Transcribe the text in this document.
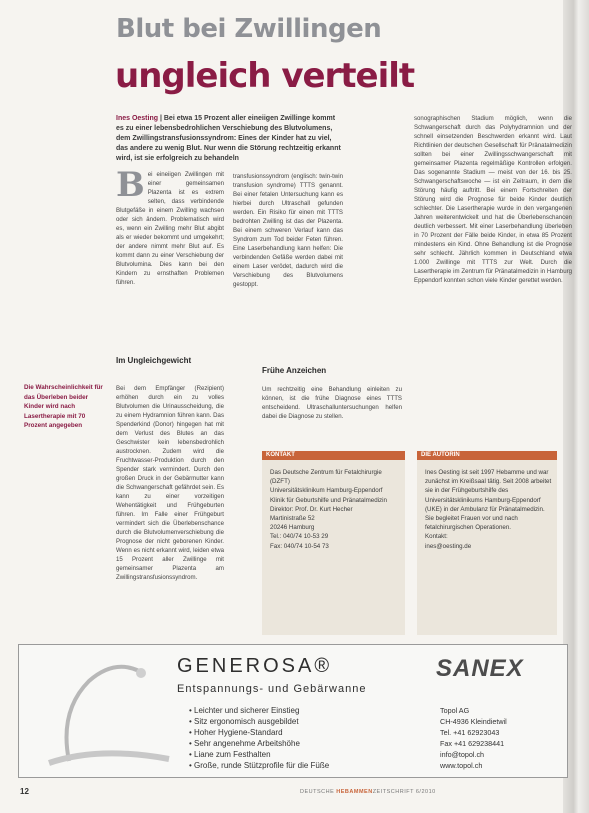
Blut bei Zwillingen
ungleich verteilt
Ines Oesting | Bei etwa 15 Prozent aller eineiigen Zwillinge kommt es zu einer lebensbedrohlichen Verschiebung des Blutvolumens, dem Zwillingstransfusionssyndrom: Eines der Kinder hat zu viel, das andere zu wenig Blut. Nur wenn die Störung rechtzeitig erkannt wird, ist sie erfolgreich zu behandeln
Bei eineiigen Zwillingen mit einer gemeinsamen Plazenta ist es extrem selten, dass verbindende Blutgefäße in einem Zwilling wachsen oder sich ändern. Problematisch wird es, wenn ein Zwilling mehr Blut abgibt als er wieder bekommt und umgekehrt; der andere nimmt mehr Blut auf. Es kommt dann zu einer Verschiebung der Blutvolumina. Dies kann bei den Kindern zu ernsthaften Problemen führen.
Im Ungleichgewicht
Bei dem Empfänger (Rezipient) erhöhen durch ein zu volles Blutvolumen die Urinausscheidung, die zu einem Hydramnion führen kann. Das Spenderkind (Donor) hingegen hat mit dem Verlust des Blutes an das Geschwister kein lebensbedrohlich austrocknen. Zudem wird die Fruchtwasser-Produktion durch den Spender stark vermindert. Durch den großen Druck in der Gebärmutter kann die Schwangerschaft gefährdet sein. Es kann zu einer vorzeitigen Wehentätigkeit und Frühgeburten führen. Im Falle einer Frühgeburt vermindert sich die Überlebenschance durch die Blutvolumenverschiebung die Prognose der nicht geborenen Kinder. Wenn es nicht erkannt wird, leiden etwa 15 Prozent aller Zwillinge mit gemeinsamer Plazenta am Zwillingstransfusionssyndrom.
transfusionssyndrom (englisch: twin-twin transfusion syndrome) TTTS genannt. Bei einer fetalen Untersuchung kann es hierbei durch Ultraschall gefunden werden. Ein Risiko für einen mit TTTS bedrohten Zwilling ist das der Plazenta. Bei einem schweren Verlauf kann das Syndrom zum Tod beider Feten führen. Eine Laserbehandlung kann helfen: Die verbindenden Gefäße werden dabei mit einem Laser verödet, dadurch wird die Verschiebung des Blutvolumens gestoppt.
Frühe Anzeichen
Um rechtzeitig eine Behandlung einleiten zu können, ist die frühe Diagnose eines TTTS entscheidend. Ultraschalluntersuchungen helfen dabei die Diagnose zu stellen.
sonographischen Stadium möglich, wenn die Schwangerschaft durch das Polyhydramnion und der schnell einsetzenden Beschwerden erkannt wird. Laut Richtlinien der deutschen Gesellschaft für Pränatalmedizin sollten bei einer Zwillingsschwangerschaft mit gemeinsamer Plazenta regelmäßige Kontrollen erfolgen. Das sogenannte Stadium — meist von der 16. bis 25. Schwangerschaftswoche — ist ein Zeitraum, in dem die Störung häufig auftritt. Bei einem Fortschreiten der Störung wird die Prognose für beide Kinder deutlich schlechter. Die Lasertherapie wurde in den vergangenen Jahren weiterentwickelt und hat die Überlebenschancen deutlich verbessert. Mit einer Laserbehandlung überleben in 70 Prozent der Fälle beide Kinder, in etwa 85 Prozent mindestens ein Kind. Ohne Behandlung ist die Prognose sehr schlecht. Jährlich kommen in Deutschland etwa 1.000 Zwillinge mit TTTS zur Welt. Durch die Lasertherapie im Zentrum für Pränatalmedizin in Hamburg Eppendorf konnten schon viele Kinder gerettet werden.
Die Wahrscheinlichkeit für das Überleben beider Kinder wird nach Lasertherapie mit 70 Prozent angegeben
KONTAKT
Das Deutsche Zentrum für Fetalchirurgie (DZFT)
Universitätsklinikum Hamburg-Eppendorf
Klinik für Geburtshilfe und Pränatalmedizin
Direktor: Prof. Dr. Kurt Hecher
Martinistraße 52
20246 Hamburg
Tel.: 040/74 10-53 29
Fax: 040/74 10-54 73
DIE AUTORIN
Ines Oesting ist seit 1997 Hebamme und war zunächst im Kreißsaal tätig. Seit 2008 arbeitet sie in der Frühgeburtshilfe des Universitätsklinikums Hamburg-Eppendorf (UKE) in der Ambulanz für Pränatalmedizin. Sie begleitet Frauen vor und nach fetalchirurgischen Operationen.
Kontakt:
ines@oesting.de
GENEROSA®
Entspannungs- und Gebärwanne
• Leichter und sicherer Einstieg
• Sitz ergonomisch ausgebildet
• Hoher Hygiene-Standard
• Sehr angenehme Arbeitshöhe
• Liane zum Festhalten
• Große, runde Stützprofile für die Füße
SANEX
Topol AG
CH-4936 Kleindietwil
Tel. +41 62923043
Fax +41 629238441
info@topol.ch
www.topol.ch
12	DEUTSCHE HEBAMMENZEITSCHRIFT 6/2010
